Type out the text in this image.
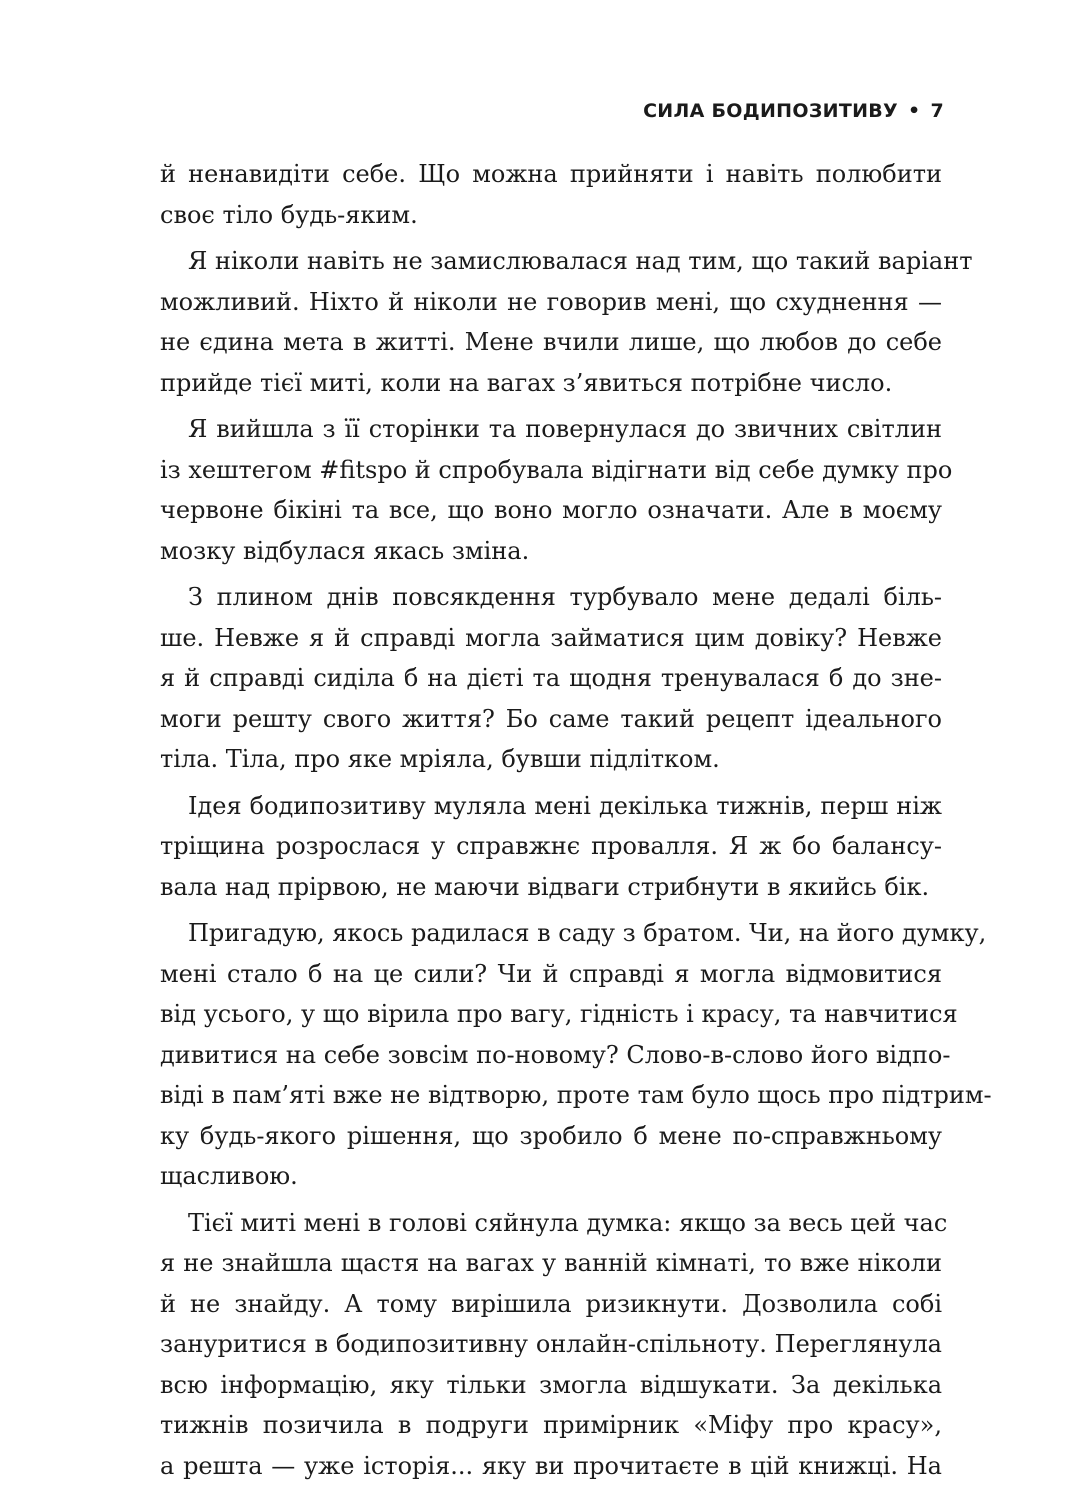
СИЛА БОДИПОЗИТИВУ • 7
й ненавидіти себе. Що можна прийняти і навіть полюбити
своє тіло будь-яким.
Я ніколи навіть не замислювалася над тим, що такий варіант
можливий. Ніхто й ніколи не говорив мені, що схуднення —
не єдина мета в житті. Мене вчили лише, що любов до себе
прийде тієї миті, коли на вагах з’явиться потрібне число.
Я вийшла з її сторінки та повернулася до звичних світлин
із хештегом #fitspo й спробувала відігнати від себе думку про
червоне бікіні та все, що воно могло означати. Але в моєму
мозку відбулася якась зміна.
З плином днів повсякдення турбувало мене дедалі біль-
ше. Невже я й справді могла займатися цим довіку? Невже
я й справді сиділа б на дієті та щодня тренувалася б до зне-
моги решту свого життя? Бо саме такий рецепт ідеального
тіла. Тіла, про яке мріяла, бувши підлітком.
Ідея бодипозитиву муляла мені декілька тижнів, перш ніж
тріщина розрослася у справжнє провалля. Я ж бо балансу-
вала над прірвою, не маючи відваги стрибнути в якийсь бік.
Пригадую, якось радилася в саду з братом. Чи, на його думку,
мені стало б на це сили? Чи й справді я могла відмовитися
від усього, у що вірила про вагу, гідність і красу, та навчитися
дивитися на себе зовсім по-новому? Слово-в-слово його відпо-
віді в пам’яті вже не відтворю, проте там було щось про підтрим-
ку будь-якого рішення, що зробило б мене по-справжньому
щасливою.
Тієї миті мені в голові сяйнула думка: якщо за весь цей час
я не знайшла щастя на вагах у ванній кімнаті, то вже ніколи
й не знайду. А тому вирішила ризикнути. Дозволила собі
зануритися в бодипозитивну онлайн-спільноту. Переглянула
всю інформацію, яку тільки змогла відшукати. За декілька
тижнів позичила в подруги примірник «Міфу про красу»,
а решта — уже історія... яку ви прочитаєте в цій книжці. На
